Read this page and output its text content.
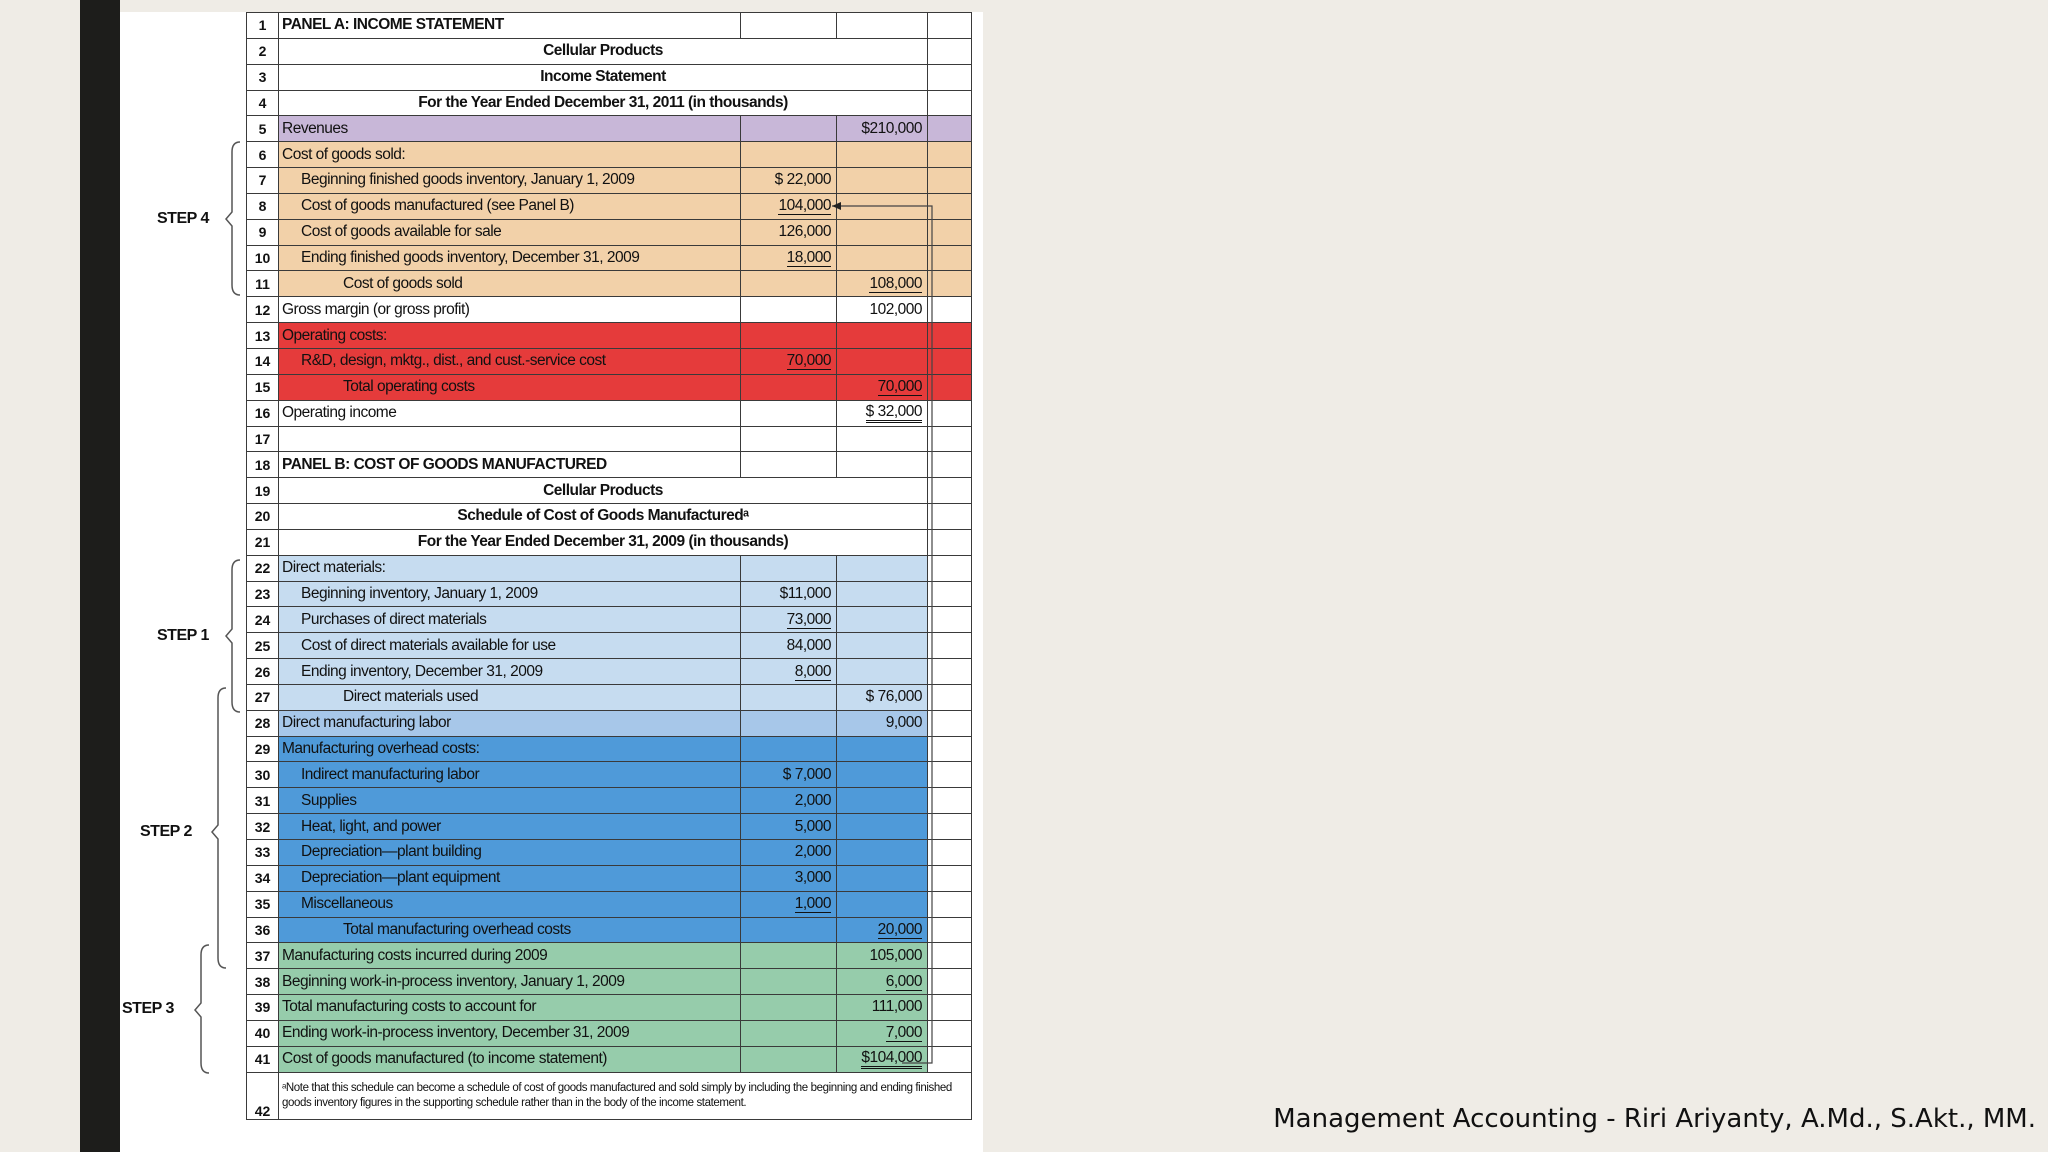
1	PANEL A: INCOME STATEMENT			
2	Cellular Products			
3	Income Statement			
4	For the Year Ended December 31, 2011 (in thousands)			
5	Revenues		$210,000	
6	Cost of goods sold:			
7	Beginning finished goods inventory, January 1, 2009	$ 22,000		
8	Cost of goods manufactured (see Panel B)	104,000		
9	Cost of goods available for sale	126,000		
10	Ending finished goods inventory, December 31, 2009	18,000		
11	Cost of goods sold		108,000	
12	Gross margin (or gross profit)		102,000	
13	Operating costs:			
14	R&D, design, mktg., dist., and cust.-service cost	70,000		
15	Total operating costs		70,000	
16	Operating income		$ 32,000	
17				
18	PANEL B: COST OF GOODS MANUFACTURED			
19	Cellular Products			
20	Schedule of Cost of Goods Manufacturedᵃ			
21	For the Year Ended December 31, 2009 (in thousands)			
22	Direct materials:			
23	Beginning inventory, January 1, 2009	$11,000		
24	Purchases of direct materials	73,000		
25	Cost of direct materials available for use	84,000		
26	Ending inventory, December 31, 2009	8,000		
27	Direct materials used		$ 76,000	
28	Direct manufacturing labor		9,000	
29	Manufacturing overhead costs:			
30	Indirect manufacturing labor	$ 7,000		
31	Supplies	2,000		
32	Heat, light, and power	5,000		
33	Depreciation—plant building	2,000		
34	Depreciation—plant equipment	3,000		
35	Miscellaneous	1,000		
36	Total manufacturing overhead costs		20,000	
37	Manufacturing costs incurred during 2009		105,000	
38	Beginning work-in-process inventory, January 1, 2009		6,000	
39	Total manufacturing costs to account for		111,000	
40	Ending work-in-process inventory, December 31, 2009		7,000	
41	Cost of goods manufactured (to income statement)		$104,000	
42	ᵃNote that this schedule can become a schedule of cost of goods manufactured and sold simply by including the beginning and ending finished goods inventory figures in the supporting schedule rather than in the body of the income statement.			
STEP 4
STEP 1
STEP 2
STEP 3
Management Accounting - Riri Ariyanty, A.Md., S.Akt., MM.
